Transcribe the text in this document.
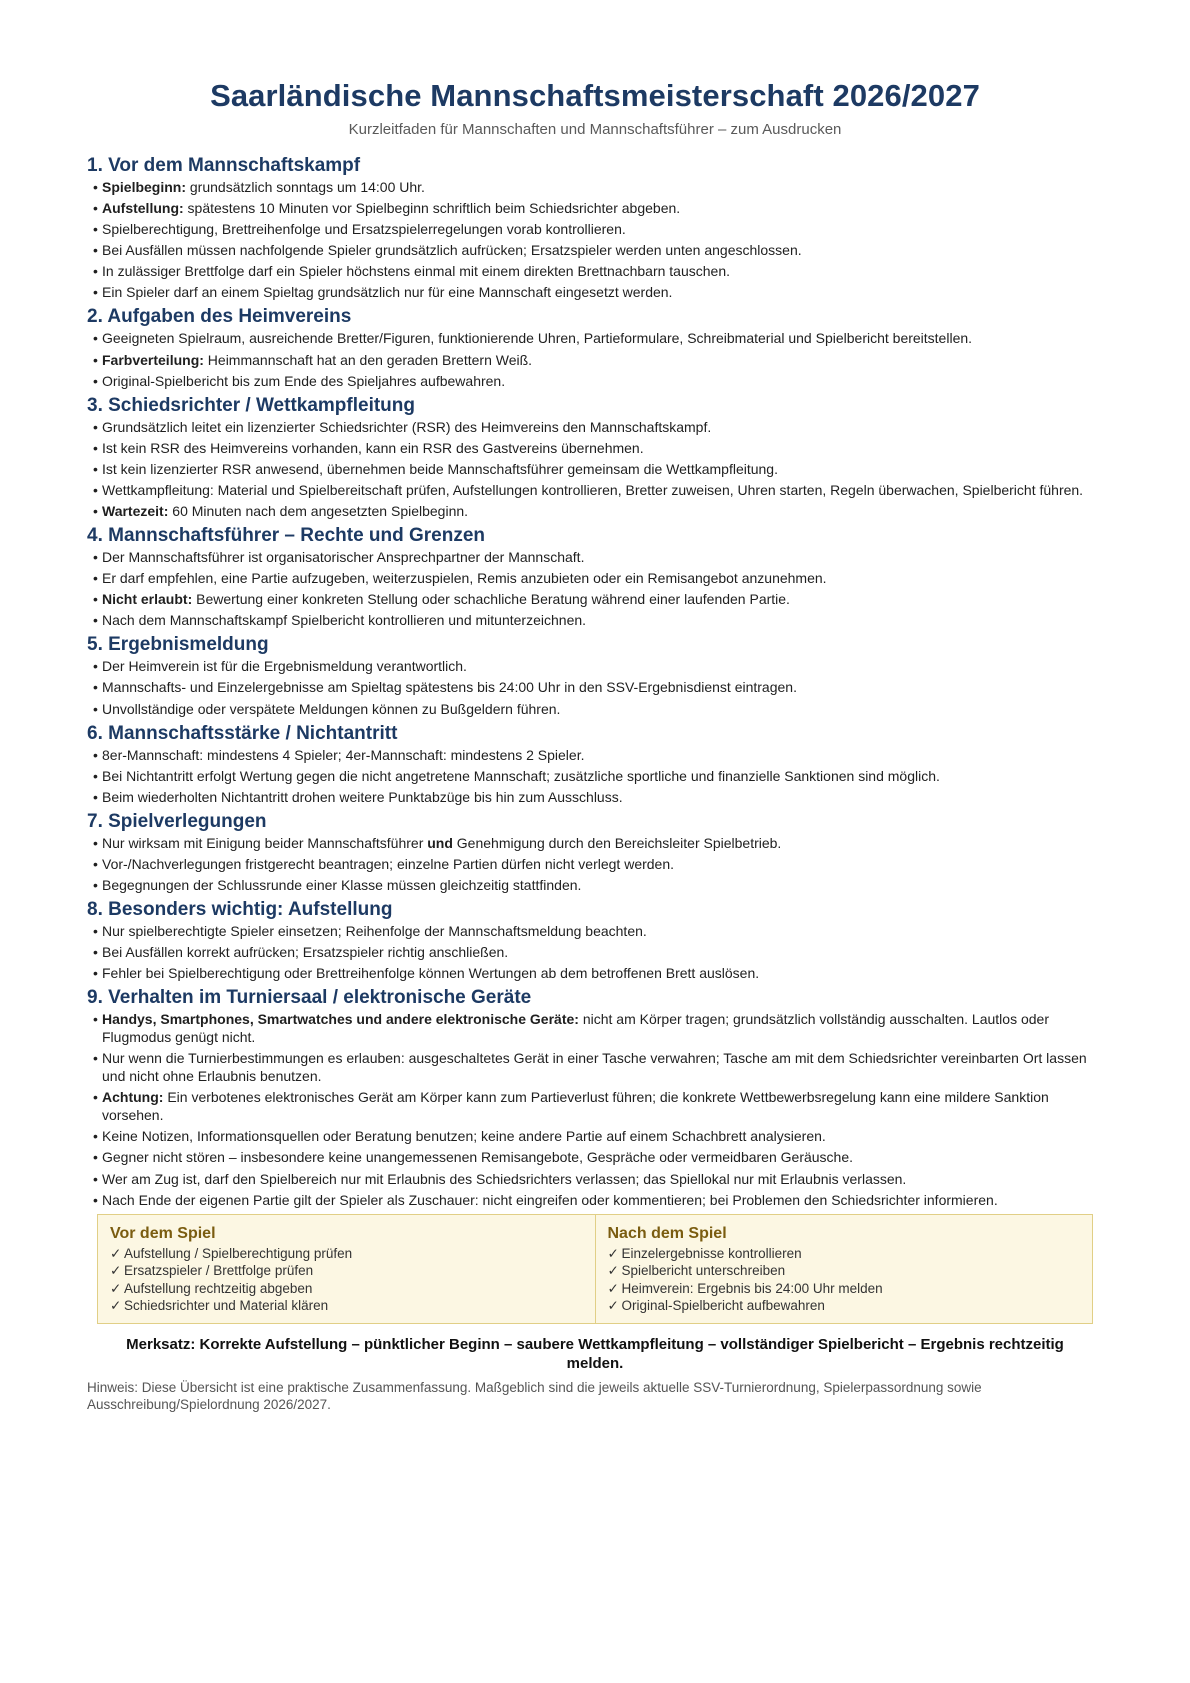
Saarländische Mannschaftsmeisterschaft 2026/2027
Kurzleitfaden für Mannschaften und Mannschaftsführer – zum Ausdrucken
1. Vor dem Mannschaftskampf
• Spielbeginn: grundsätzlich sonntags um 14:00 Uhr.
• Aufstellung: spätestens 10 Minuten vor Spielbeginn schriftlich beim Schiedsrichter abgeben.
• Spielberechtigung, Brettreihenfolge und Ersatzspielerregelungen vorab kontrollieren.
• Bei Ausfällen müssen nachfolgende Spieler grundsätzlich aufrücken; Ersatzspieler werden unten angeschlossen.
• In zulässiger Brettfolge darf ein Spieler höchstens einmal mit einem direkten Brettnachbarn tauschen.
• Ein Spieler darf an einem Spieltag grundsätzlich nur für eine Mannschaft eingesetzt werden.
2. Aufgaben des Heimvereins
• Geeigneten Spielraum, ausreichende Bretter/Figuren, funktionierende Uhren, Partieformulare, Schreibmaterial und Spielbericht bereitstellen.
• Farbverteilung: Heimmannschaft hat an den geraden Brettern Weiß.
• Original-Spielbericht bis zum Ende des Spieljahres aufbewahren.
3. Schiedsrichter / Wettkampfleitung
• Grundsätzlich leitet ein lizenzierter Schiedsrichter (RSR) des Heimvereins den Mannschaftskampf.
• Ist kein RSR des Heimvereins vorhanden, kann ein RSR des Gastvereins übernehmen.
• Ist kein lizenzierter RSR anwesend, übernehmen beide Mannschaftsführer gemeinsam die Wettkampfleitung.
• Wettkampfleitung: Material und Spielbereitschaft prüfen, Aufstellungen kontrollieren, Bretter zuweisen, Uhren starten, Regeln überwachen, Spielbericht führen.
• Wartezeit: 60 Minuten nach dem angesetzten Spielbeginn.
4. Mannschaftsführer – Rechte und Grenzen
• Der Mannschaftsführer ist organisatorischer Ansprechpartner der Mannschaft.
• Er darf empfehlen, eine Partie aufzugeben, weiterzuspielen, Remis anzubieten oder ein Remisangebot anzunehmen.
• Nicht erlaubt: Bewertung einer konkreten Stellung oder schachliche Beratung während einer laufenden Partie.
• Nach dem Mannschaftskampf Spielbericht kontrollieren und mitunterzeichnen.
5. Ergebnismeldung
• Der Heimverein ist für die Ergebnismeldung verantwortlich.
• Mannschafts- und Einzelergebnisse am Spieltag spätestens bis 24:00 Uhr in den SSV-Ergebnisdienst eintragen.
• Unvollständige oder verspätete Meldungen können zu Bußgeldern führen.
6. Mannschaftsstärke / Nichtantritt
• 8er-Mannschaft: mindestens 4 Spieler; 4er-Mannschaft: mindestens 2 Spieler.
• Bei Nichtantritt erfolgt Wertung gegen die nicht angetretene Mannschaft; zusätzliche sportliche und finanzielle Sanktionen sind möglich.
• Beim wiederholten Nichtantritt drohen weitere Punktabzüge bis hin zum Ausschluss.
7. Spielverlegungen
• Nur wirksam mit Einigung beider Mannschaftsführer und Genehmigung durch den Bereichsleiter Spielbetrieb.
• Vor-/Nachverlegungen fristgerecht beantragen; einzelne Partien dürfen nicht verlegt werden.
• Begegnungen der Schlussrunde einer Klasse müssen gleichzeitig stattfinden.
8. Besonders wichtig: Aufstellung
• Nur spielberechtigte Spieler einsetzen; Reihenfolge der Mannschaftsmeldung beachten.
• Bei Ausfällen korrekt aufrücken; Ersatzspieler richtig anschließen.
• Fehler bei Spielberechtigung oder Brettreihenfolge können Wertungen ab dem betroffenen Brett auslösen.
9. Verhalten im Turniersaal / elektronische Geräte
• Handys, Smartphones, Smartwatches und andere elektronische Geräte: nicht am Körper tragen; grundsätzlich vollständig ausschalten. Lautlos oder Flugmodus genügt nicht.
• Nur wenn die Turnierbestimmungen es erlauben: ausgeschaltetes Gerät in einer Tasche verwahren; Tasche am mit dem Schiedsrichter vereinbarten Ort lassen und nicht ohne Erlaubnis benutzen.
• Achtung: Ein verbotenes elektronisches Gerät am Körper kann zum Partieverlust führen; die konkrete Wettbewerbsregelung kann eine mildere Sanktion vorsehen.
• Keine Notizen, Informationsquellen oder Beratung benutzen; keine andere Partie auf einem Schachbrett analysieren.
• Gegner nicht stören – insbesondere keine unangemessenen Remisangebote, Gespräche oder vermeidbaren Geräusche.
• Wer am Zug ist, darf den Spielbereich nur mit Erlaubnis des Schiedsrichters verlassen; das Spiellokal nur mit Erlaubnis verlassen.
• Nach Ende der eigenen Partie gilt der Spieler als Zuschauer: nicht eingreifen oder kommentieren; bei Problemen den Schiedsrichter informieren.
Vor dem Spiel
✓ Aufstellung / Spielberechtigung prüfen
✓ Ersatzspieler / Brettfolge prüfen
✓ Aufstellung rechtzeitig abgeben
✓ Schiedsrichter und Material klären
Nach dem Spiel
✓ Einzelergebnisse kontrollieren
✓ Spielbericht unterschreiben
✓ Heimverein: Ergebnis bis 24:00 Uhr melden
✓ Original-Spielbericht aufbewahren
Merksatz: Korrekte Aufstellung – pünktlicher Beginn – saubere Wettkampfleitung – vollständiger Spielbericht – Ergebnis rechtzeitig melden.

Hinweis: Diese Übersicht ist eine praktische Zusammenfassung. Maßgeblich sind die jeweils aktuelle SSV-Turnierordnung, Spielerpassordnung sowie Ausschreibung/Spielordnung 2026/2027.
